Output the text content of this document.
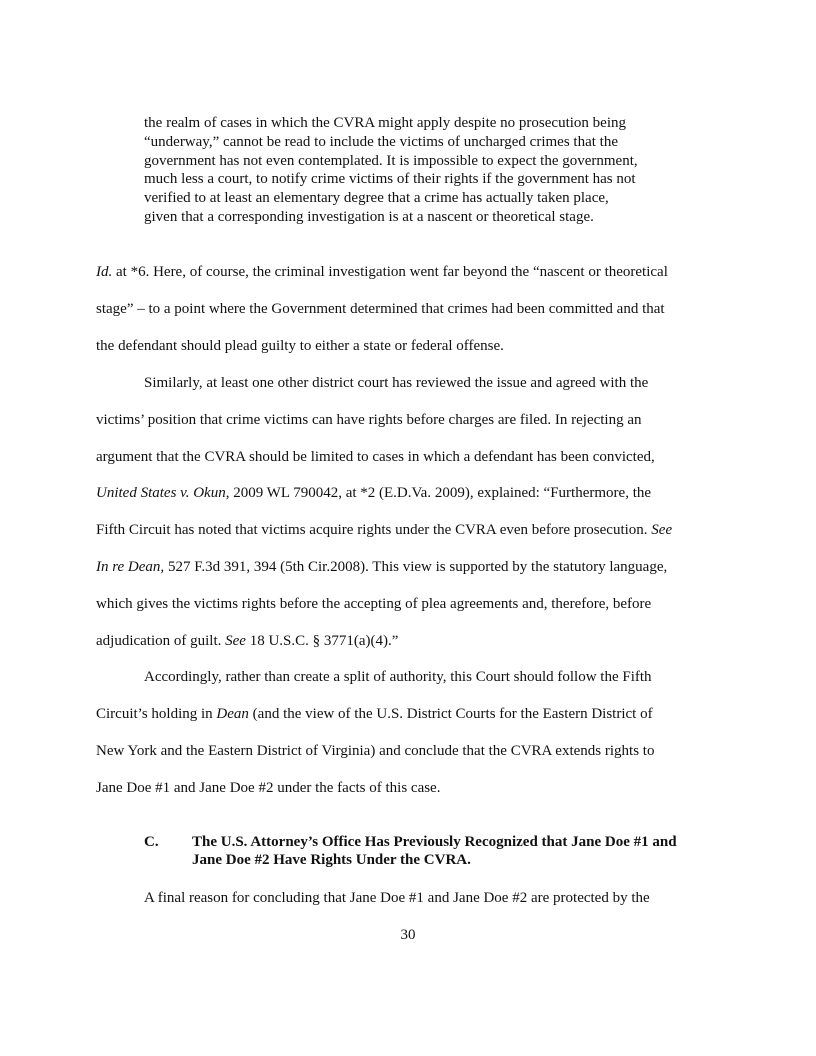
the realm of cases in which the CVRA might apply despite no prosecution being
“underway,” cannot be read to include the victims of uncharged crimes that the
government has not even contemplated. It is impossible to expect the government,
much less a court, to notify crime victims of their rights if the government has not
verified to at least an elementary degree that a crime has actually taken place,
given that a corresponding investigation is at a nascent or theoretical stage.
Id. at *6. Here, of course, the criminal investigation went far beyond the “nascent or theoretical
stage” – to a point where the Government determined that crimes had been committed and that
the defendant should plead guilty to either a state or federal offense.
Similarly, at least one other district court has reviewed the issue and agreed with the
victims’ position that crime victims can have rights before charges are filed. In rejecting an
argument that the CVRA should be limited to cases in which a defendant has been convicted,
United States v. Okun, 2009 WL 790042, at *2 (E.D.Va. 2009), explained: “Furthermore, the
Fifth Circuit has noted that victims acquire rights under the CVRA even before prosecution. See
In re Dean, 527 F.3d 391, 394 (5th Cir.2008). This view is supported by the statutory language,
which gives the victims rights before the accepting of plea agreements and, therefore, before
adjudication of guilt. See 18 U.S.C. § 3771(a)(4).”
Accordingly, rather than create a split of authority, this Court should follow the Fifth
Circuit’s holding in Dean (and the view of the U.S. District Courts for the Eastern District of
New York and the Eastern District of Virginia) and conclude that the CVRA extends rights to
Jane Doe #1 and Jane Doe #2 under the facts of this case.
C. The U.S. Attorney’s Office Has Previously Recognized that Jane Doe #1 and
Jane Doe #2 Have Rights Under the CVRA.
A final reason for concluding that Jane Doe #1 and Jane Doe #2 are protected by the
30
